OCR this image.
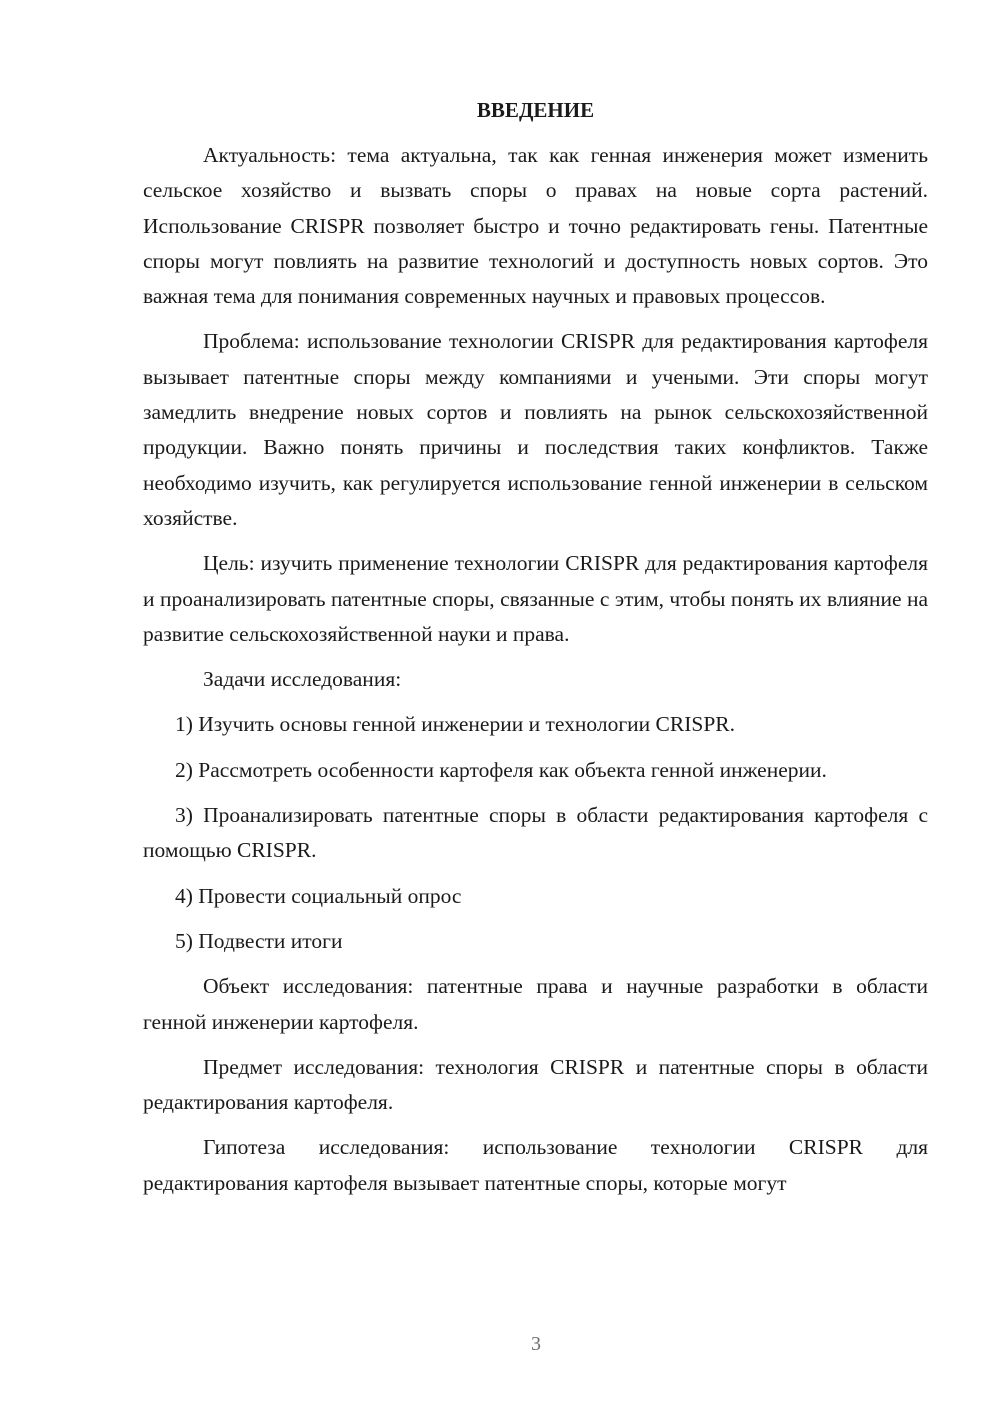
ВВЕДЕНИЕ

Актуальность: тема актуальна, так как генная инженерия может изменить сельское хозяйство и вызвать споры о правах на новые сорта растений. Использование CRISPR позволяет быстро и точно редактировать гены. Патентные споры могут повлиять на развитие технологий и доступность новых сортов. Это важная тема для понимания современных научных и правовых процессов.

Проблема: использование технологии CRISPR для редактирования картофеля вызывает патентные споры между компаниями и учеными. Эти споры могут замедлить внедрение новых сортов и повлиять на рынок сельскохозяйственной продукции. Важно понять причины и последствия таких конфликтов. Также необходимо изучить, как регулируется использование генной инженерии в сельском хозяйстве.

Цель: изучить применение технологии CRISPR для редактирования картофеля и проанализировать патентные споры, связанные с этим, чтобы понять их влияние на развитие сельскохозяйственной науки и права.

Задачи исследования:

1) Изучить основы генной инженерии и технологии CRISPR.

2) Рассмотреть особенности картофеля как объекта генной инженерии.

3) Проанализировать патентные споры в области редактирования картофеля с помощью CRISPR.

4) Провести социальный опрос

5) Подвести итоги

Объект исследования: патентные права и научные разработки в области генной инженерии картофеля.

Предмет исследования: технология CRISPR и патентные споры в области редактирования картофеля.

Гипотеза исследования: использование технологии CRISPR для редактирования картофеля вызывает патентные споры, которые могут

3
